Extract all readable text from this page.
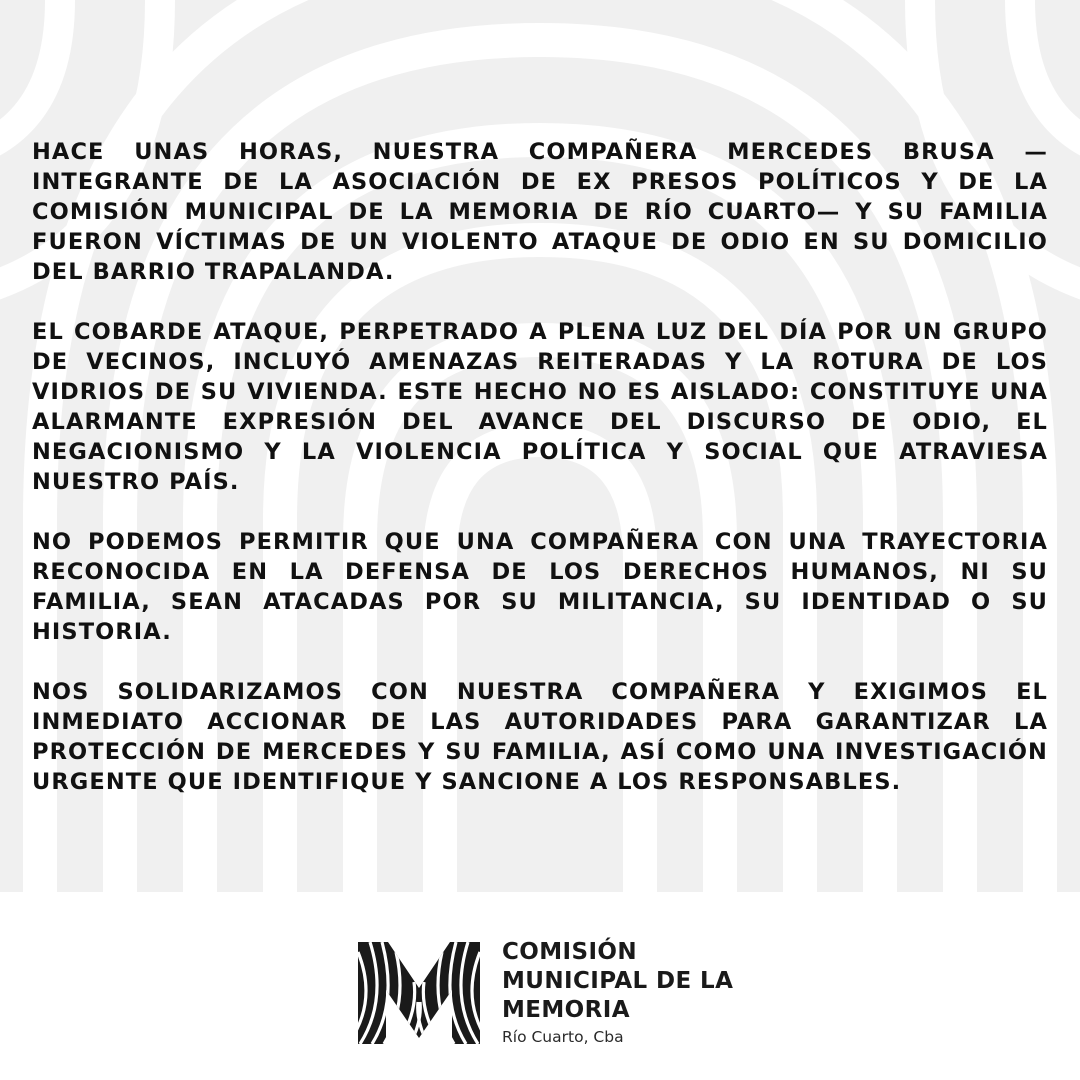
HACE UNAS HORAS, NUESTRA COMPAÑERA MERCEDES BRUSA —INTEGRANTE DE LA ASOCIACIÓN DE EX PRESOS POLÍTICOS Y DE LA COMISIÓN MUNICIPAL DE LA MEMORIA DE RÍO CUARTO— Y SU FAMILIA FUERON VÍCTIMAS DE UN VIOLENTO ATAQUE DE ODIO EN SU DOMICILIO DEL BARRIO TRAPALANDA.

EL COBARDE ATAQUE, PERPETRADO A PLENA LUZ DEL DÍA POR UN GRUPO DE VECINOS, INCLUYÓ AMENAZAS REITERADAS Y LA ROTURA DE LOS VIDRIOS DE SU VIVIENDA. ESTE HECHO NO ES AISLADO: CONSTITUYE UNA ALARMANTE EXPRESIÓN DEL AVANCE DEL DISCURSO DE ODIO, EL NEGACIONISMO Y LA VIOLENCIA POLÍTICA Y SOCIAL QUE ATRAVIESA NUESTRO PAÍS.

NO PODEMOS PERMITIR QUE UNA COMPAÑERA CON UNA TRAYECTORIA RECONOCIDA EN LA DEFENSA DE LOS DERECHOS HUMANOS, NI SU FAMILIA, SEAN ATACADAS POR SU MILITANCIA, SU IDENTIDAD O SU HISTORIA.

NOS SOLIDARIZAMOS CON NUESTRA COMPAÑERA Y EXIGIMOS EL INMEDIATO ACCIONAR DE LAS AUTORIDADES PARA GARANTIZAR LA PROTECCIÓN DE MERCEDES Y SU FAMILIA, ASÍ COMO UNA INVESTIGACIÓN URGENTE QUE IDENTIFIQUE Y SANCIONE A LOS RESPONSABLES.

COMISIÓN
MUNICIPAL DE LA
MEMORIA
Río Cuarto, Cba
